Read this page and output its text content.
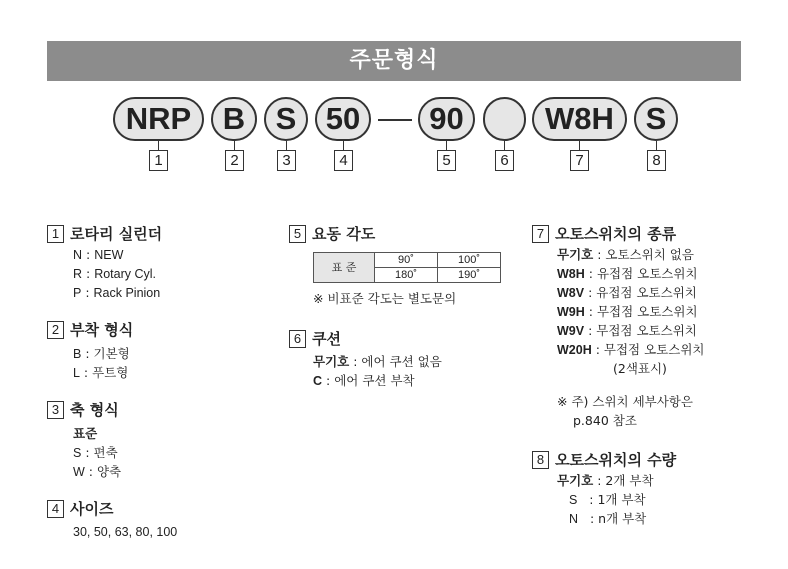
주문형식
NRP	B S 50	90	W8H	S
1	2	3	4	5	6	7	8
1 로타리 실린더
N : NEW
R : Rotary Cyl.
P : Rack Pinion
2 부착 형식
B : 기본형
L : 푸트형
3 축 형식
표준
S : 편축
W : 양축
4 사이즈
30, 50, 63, 80, 100
5 요동 각도
표 준	90˚	100˚
	180˚	190˚
※ 비표준 각도는 별도문의
6 쿠션
무기호 : 에어 쿠션 없음
C : 에어 쿠션 부착
7 오토스위치의 종류
무기호 : 오토스위치 없음
W8H : 유접점 오토스위치
W8V : 유접점 오토스위치
W9H : 무접점 오토스위치
W9V : 무접점 오토스위치
W20H : 무접점 오토스위치
(2색표시)
※ 주) 스위치 세부사항은
p.840 참조
8 오토스위치의 수량
무기호 : 2개 부착
S   : 1개 부착
N   : n개 부착
